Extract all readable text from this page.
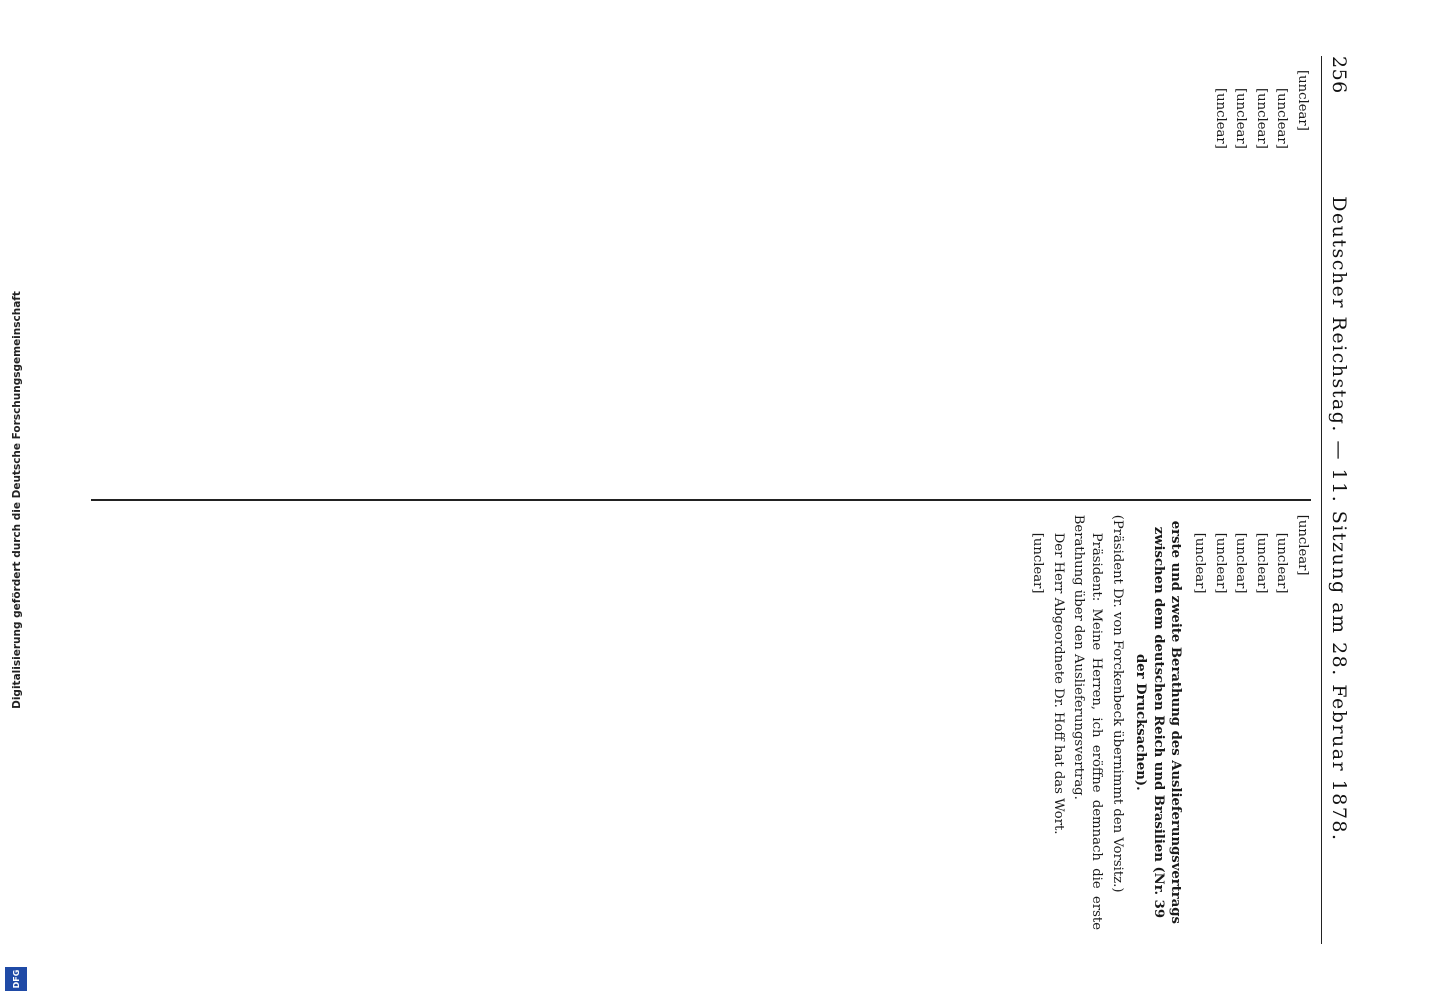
256
Deutscher Reichstag. — 11. Sitzung am 28. Februar 1878.

[unclear]

[unclear]

[unclear]

[unclear]

[unclear]

[unclear]

[unclear]

[unclear]

[unclear]

[unclear]

[unclear]

erste und zweite Berathung des Auslieferungsvertrags zwischen dem deutschen Reich und Brasilien (Nr. 39 der Drucksachen).

(Präsident Dr. von Forckenbeck übernimmt den Vorsitz.)

Präsident: Meine Herren, ich eröffne demnach die erste Berathung über den Auslieferungsvertrag.

Der Herr Abgeordnete Dr. Hoff hat das Wort.

[unclear]

Digitalisierung gefördert durch die Deutsche Forschungsgemeinschaft
DFG
